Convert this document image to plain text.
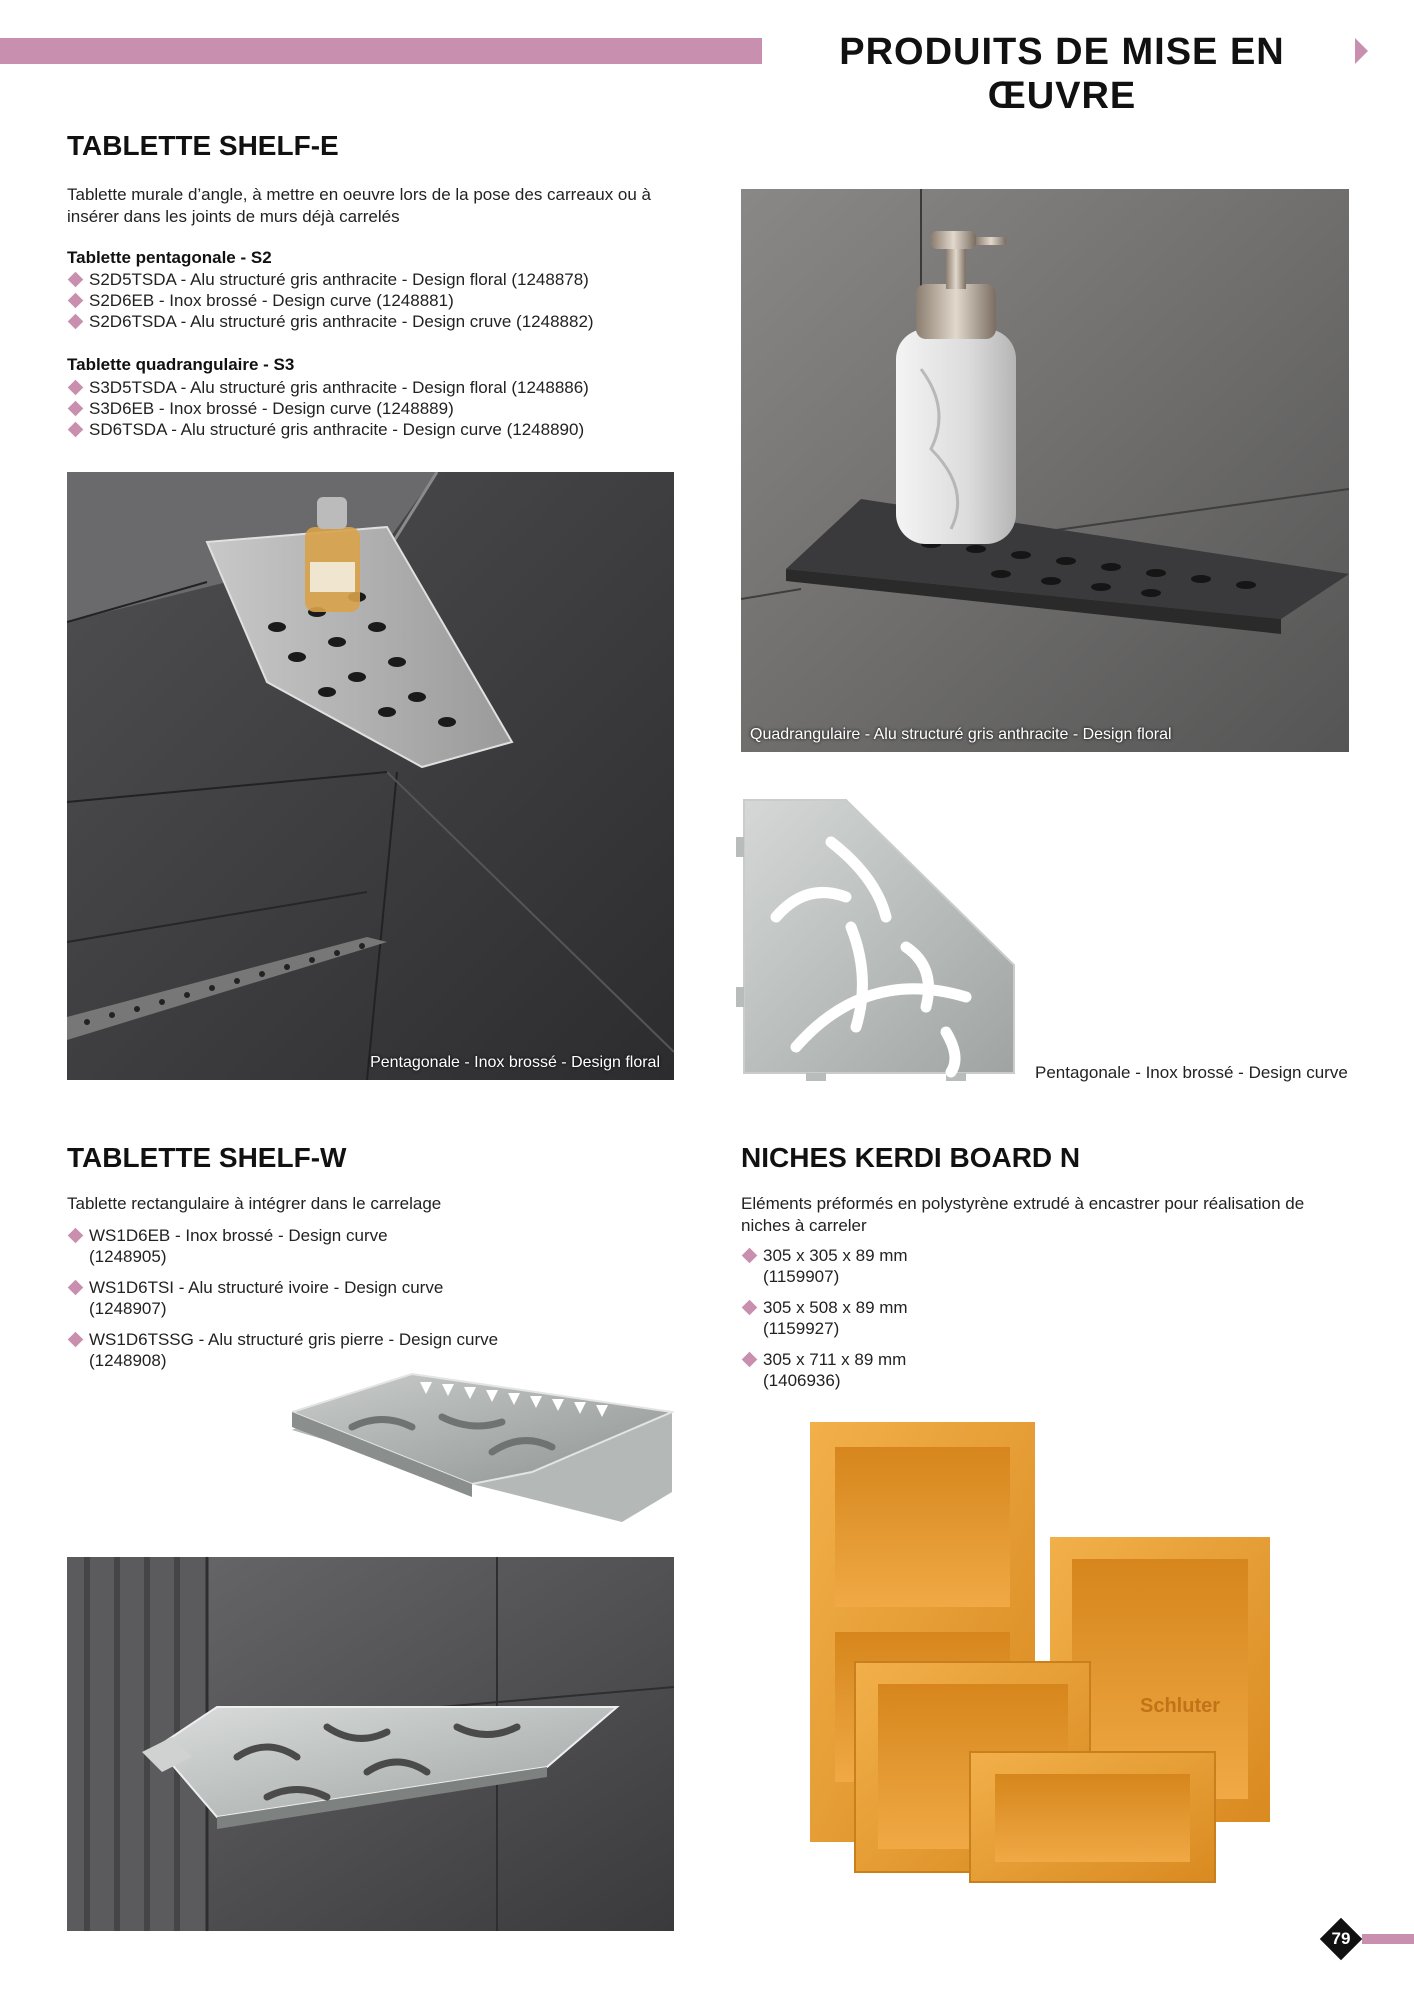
PRODUITS DE MISE EN ŒUVRE
TABLETTE SHELF-E

Tablette murale d’angle, à mettre en oeuvre lors de la pose des carreaux ou à insérer dans les joints de murs déjà carrelés

Tablette pentagonale - S2

S2D5TSDA - Alu structuré gris anthracite - Design floral (1248878)
S2D6EB - Inox brossé - Design curve (1248881)
S2D6TSDA - Alu structuré gris anthracite - Design cruve (1248882)

Tablette quadrangulaire - S3

S3D5TSDA - Alu structuré gris anthracite - Design floral (1248886)
S3D6EB - Inox brossé - Design curve (1248889)
SD6TSDA - Alu structuré gris anthracite - Design curve (1248890)
Pentagonale - Inox brossé - Design floral
Quadrangulaire - Alu structuré gris anthracite - Design floral
Pentagonale - Inox brossé - Design curve
TABLETTE SHELF-W

Tablette rectangulaire à intégrer dans le carrelage

WS1D6EB - Inox brossé - Design curve
(1248905)
WS1D6TSI - Alu structuré ivoire - Design curve
(1248907)
WS1D6TSSG - Alu structuré gris pierre - Design curve
(1248908)
NICHES KERDI BOARD N

Eléments préformés en polystyrène extrudé à encastrer pour réalisation de niches à carreler

305 x 305 x 89 mm
(1159907)
305 x 508 x 89 mm
(1159927)
305 x 711 x 89 mm
(1406936)
Schluter
79
